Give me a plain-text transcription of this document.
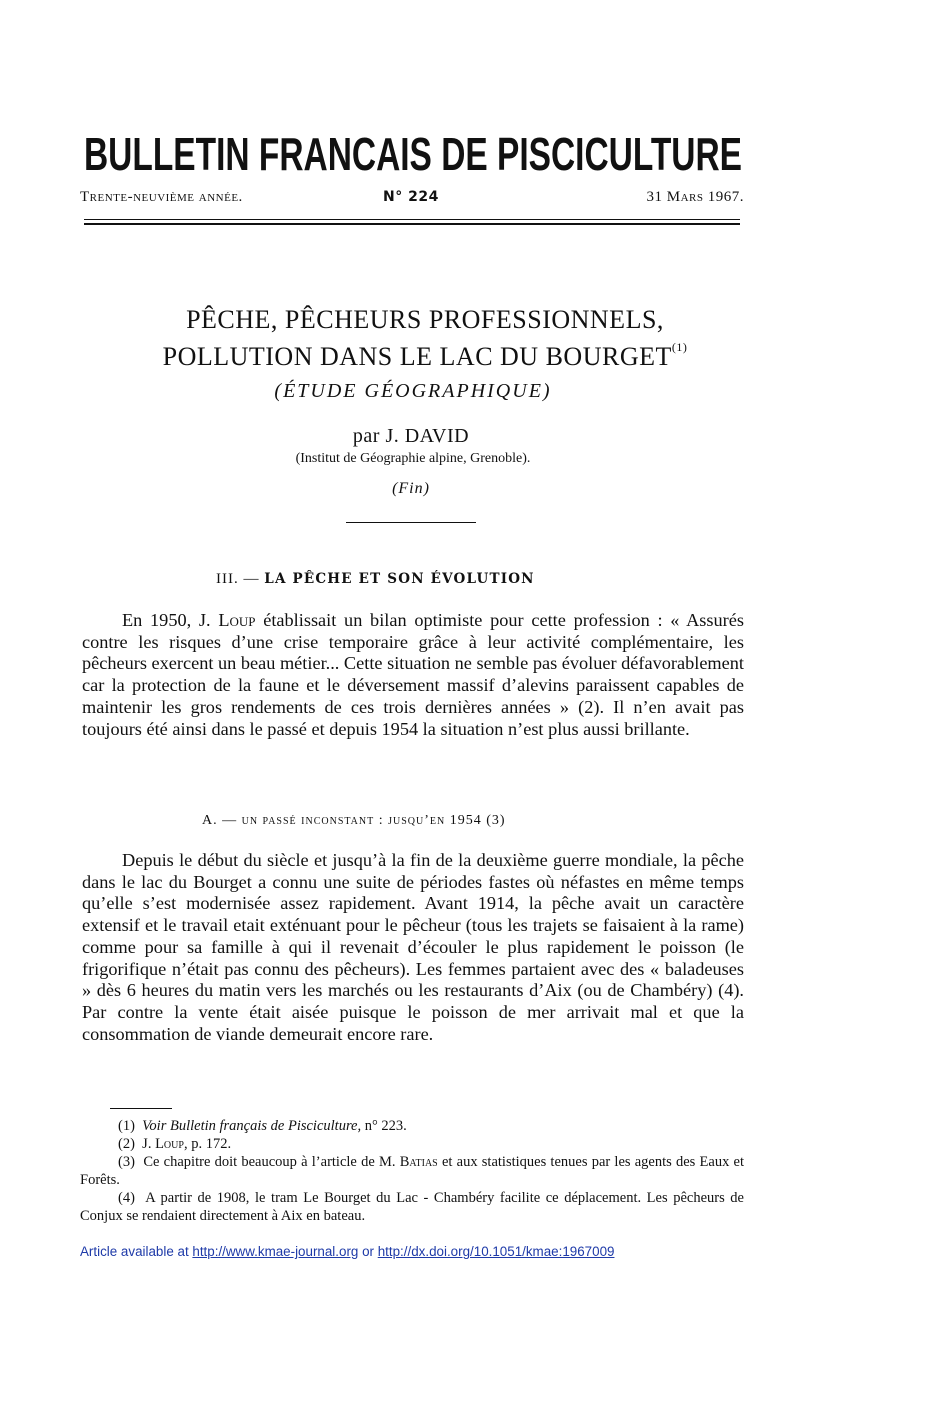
BULLETIN FRANCAIS DE PISCICULTURE
Trente-neuvième année.	N° 224	31 Mars 1967.
PÊCHE, PÊCHEURS PROFESSIONNELS,
POLLUTION DANS LE LAC DU BOURGET$^{(1)}$
(ÉTUDE GÉOGRAPHIQUE)
par J. DAVID
(Institut de Géographie alpine, Grenoble).
(Fin)
III. — LA PÊCHE ET SON ÉVOLUTION
En 1950, J. Loup établissait un bilan optimiste pour cette profession : « Assurés contre les risques d’une crise temporaire grâce à leur activité complémentaire, les pêcheurs exercent un beau métier... Cette situation ne semble pas évoluer défavorablement car la protection de la faune et le déversement massif d’alevins paraissent capables de maintenir les gros rendements de ces trois dernières années » (2). Il n’en avait pas toujours été ainsi dans le passé et depuis 1954 la situation n’est plus aussi brillante.
A. — un passé inconstant : jusqu’en 1954 (3)
Depuis le début du siècle et jusqu’à la fin de la deuxième guerre mondiale, la pêche dans le lac du Bourget a connu une suite de périodes fastes où néfastes en même temps qu’elle s’est modernisée assez rapidement. Avant 1914, la pêche avait un caractère extensif et le travail etait exténuant pour le pêcheur (tous les trajets se faisaient à la rame) comme pour sa famille à qui il revenait d’écouler le plus rapidement le poisson (le frigorifique n’était pas connu des pêcheurs). Les femmes partaient avec des « baladeuses » dès 6 heures du matin vers les marchés ou les restaurants d’Aix (ou de Chambéry) (4). Par contre la vente était aisée puisque le poisson de mer arrivait mal et que la consommation de viande demeurait encore rare.
(1) Voir Bulletin français de Pisciculture, n° 223.
(2) J. Loup, p. 172.
(3) Ce chapitre doit beaucoup à l’article de M. Batias et aux statistiques tenues par les agents des Eaux et Forêts.
(4) A partir de 1908, le tram Le Bourget du Lac - Chambéry facilite ce déplacement. Les pêcheurs de Conjux se rendaient directement à Aix en bateau.
Article available at http://www.kmae-journal.org or http://dx.doi.org/10.1051/kmae:1967009
